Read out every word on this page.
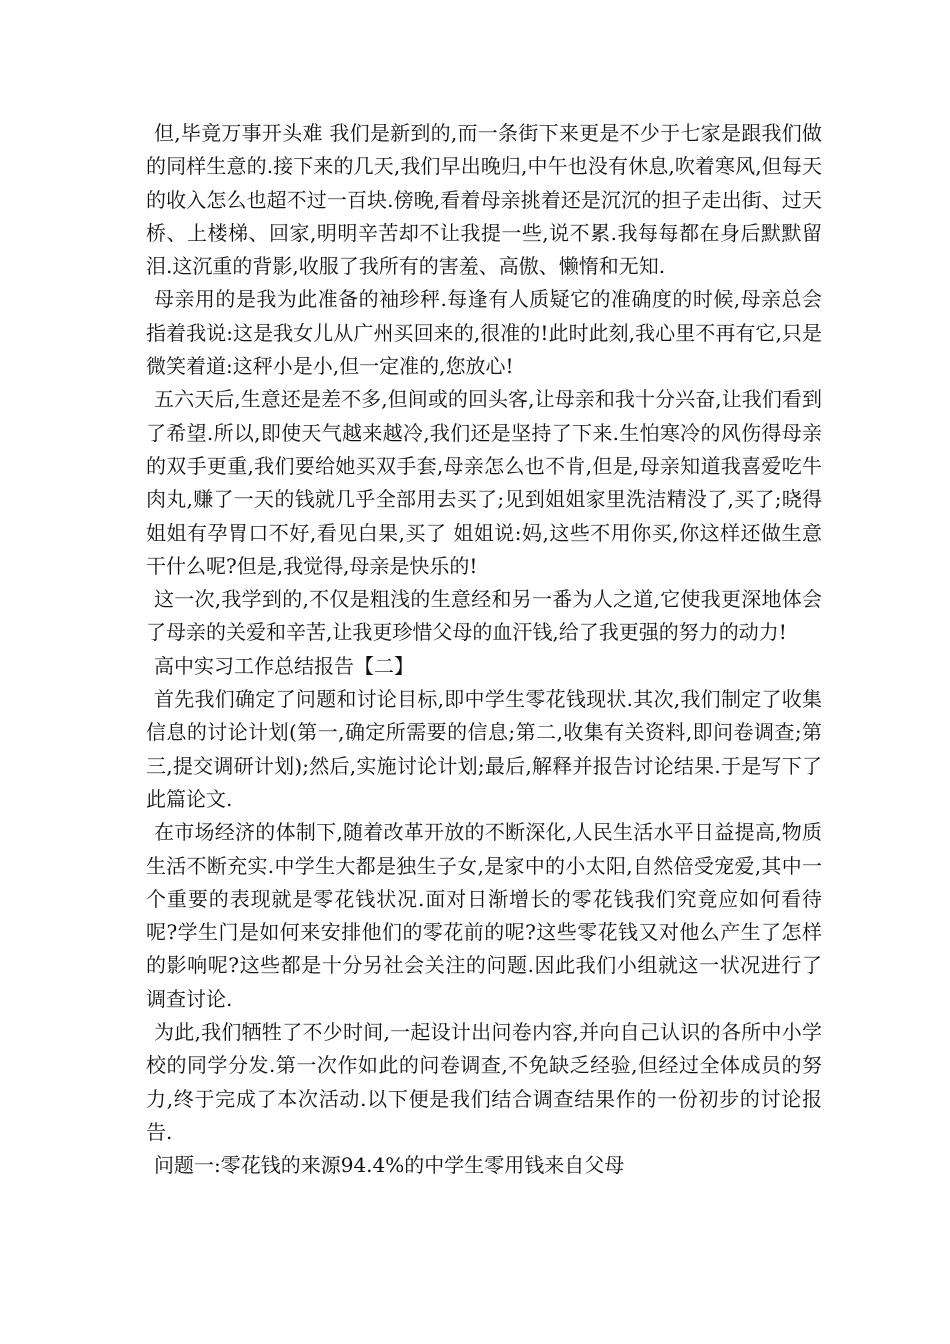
但,毕竟万事开头难 我们是新到的,而一条街下来更是不少于七家是跟我们做的同样生意的.接下来的几天,我们早出晚归,中午也没有休息,吹着寒风,但每天的收入怎么也超不过一百块.傍晚,看着母亲挑着还是沉沉的担子走出街、过天桥、上楼梯、回家,明明辛苦却不让我提一些,说不累.我每每都在身后默默留泪.这沉重的背影,收服了我所有的害羞、高傲、懒惰和无知.

母亲用的是我为此准备的袖珍秤.每逢有人质疑它的准确度的时候,母亲总会指着我说:这是我女儿从广州买回来的,很准的!此时此刻,我心里不再有它,只是微笑着道:这秤小是小,但一定准的,您放心!

五六天后,生意还是差不多,但间或的回头客,让母亲和我十分兴奋,让我们看到了希望.所以,即使天气越来越冷,我们还是坚持了下来.生怕寒冷的风伤得母亲的双手更重,我们要给她买双手套,母亲怎么也不肯,但是,母亲知道我喜爱吃牛肉丸,赚了一天的钱就几乎全部用去买了;见到姐姐家里洗洁精没了,买了;晓得姐姐有孕胃口不好,看见白果,买了 姐姐说:妈,这些不用你买,你这样还做生意干什么呢?但是,我觉得,母亲是快乐的!

这一次,我学到的,不仅是粗浅的生意经和另一番为人之道,它使我更深地体会了母亲的关爱和辛苦,让我更珍惜父母的血汗钱,给了我更强的努力的动力!

高中实习工作总结报告【二】

首先我们确定了问题和讨论目标,即中学生零花钱现状.其次,我们制定了收集信息的讨论计划(第一,确定所需要的信息;第二,收集有关资料,即问卷调查;第三,提交调研计划);然后,实施讨论计划;最后,解释并报告讨论结果.于是写下了此篇论文.

在市场经济的体制下,随着改革开放的不断深化,人民生活水平日益提高,物质生活不断充实.中学生大都是独生子女,是家中的小太阳,自然倍受宠爱,其中一个重要的表现就是零花钱状况.面对日渐增长的零花钱我们究竟应如何看待呢?学生门是如何来安排他们的零花前的呢?这些零花钱又对他么产生了怎样的影响呢?这些都是十分另社会关注的问题.因此我们小组就这一状况进行了调查讨论.

为此,我们牺牲了不少时间,一起设计出问卷内容,并向自己认识的各所中小学校的同学分发.第一次作如此的问卷调查,不免缺乏经验,但经过全体成员的努力,终于完成了本次活动.以下便是我们结合调查结果作的一份初步的讨论报告.

问题一:零花钱的来源94.4%的中学生零用钱来自父母
